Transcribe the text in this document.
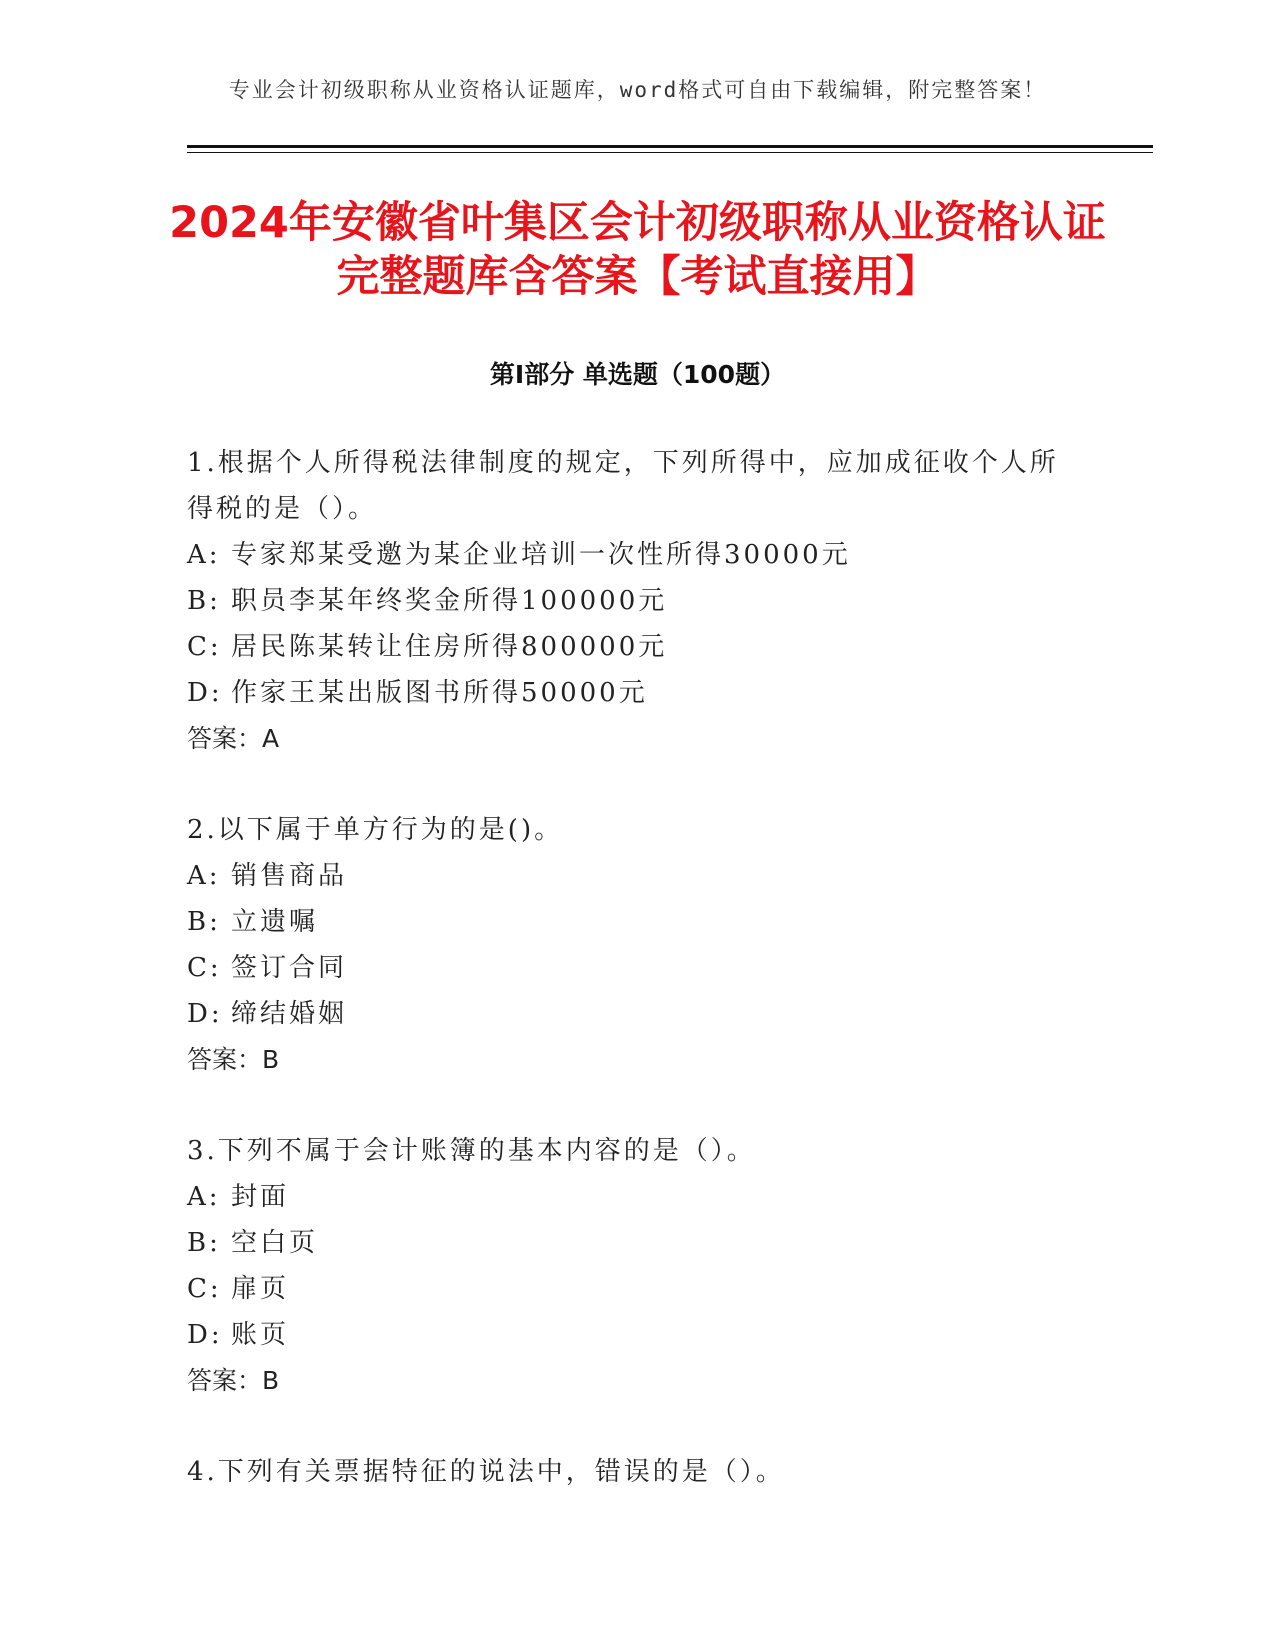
专业会计初级职称从业资格认证题库，word格式可自由下载编辑，附完整答案！
2024年安徽省叶集区会计初级职称从业资格认证完整题库含答案【考试直接用】
第Ⅰ部分 单选题（100题）
1.根据个人所得税法律制度的规定，下列所得中，应加成征收个人所得税的是（）。
A: 专家郑某受邀为某企业培训一次性所得30000元
B: 职员李某年终奖金所得100000元
C: 居民陈某转让住房所得800000元
D: 作家王某出版图书所得50000元
答案：A
2.以下属于单方行为的是()。
A: 销售商品
B: 立遗嘱
C: 签订合同
D: 缔结婚姻
答案：B
3.下列不属于会计账簿的基本内容的是（）。
A: 封面
B: 空白页
C: 扉页
D: 账页
答案：B
4.下列有关票据特征的说法中，错误的是（）。
